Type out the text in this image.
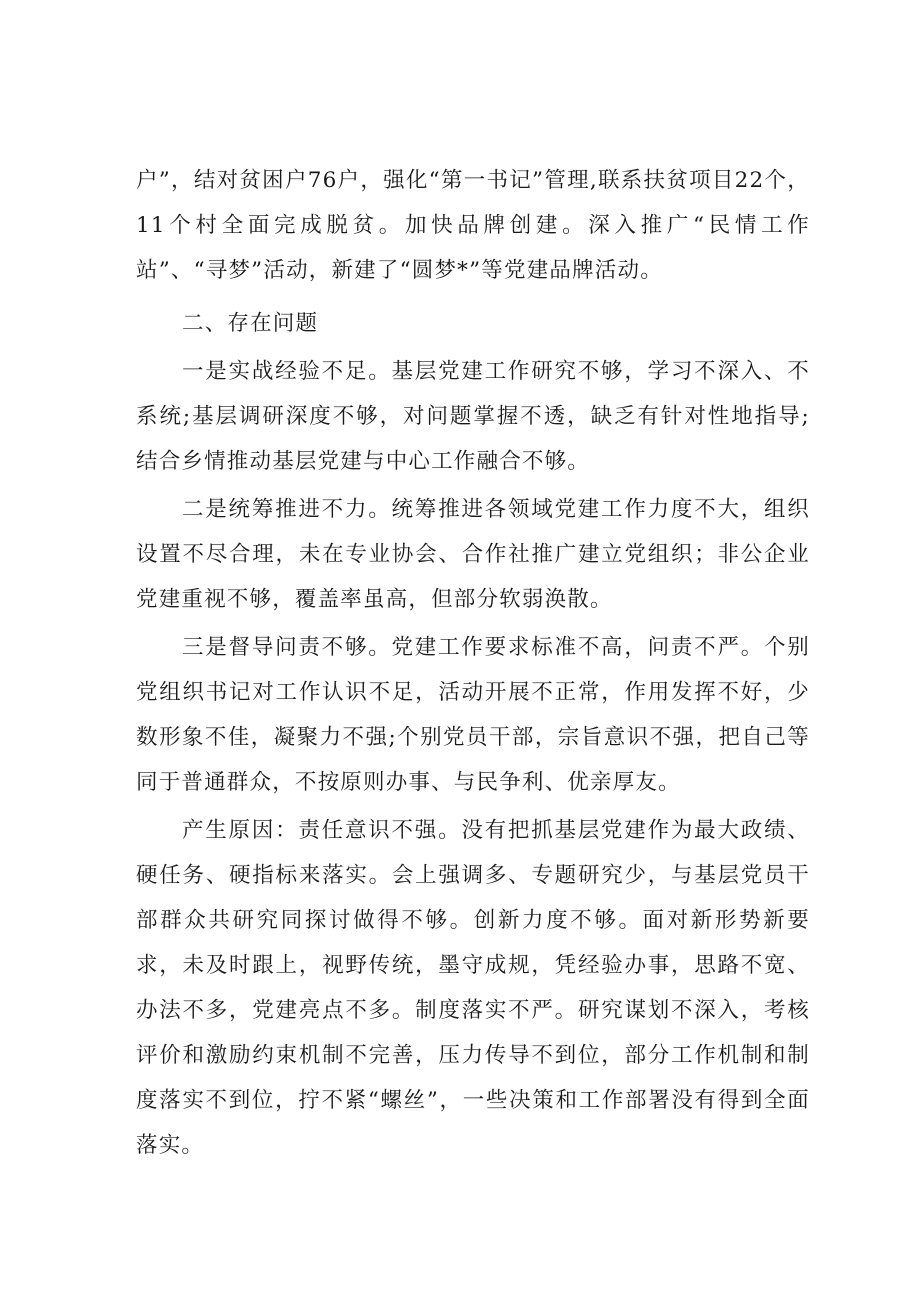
户”，结对贫困户76户，强化“第一书记”管理,联系扶贫项目22个，11个村全面完成脱贫。加快品牌创建。深入推广“民情工作站”、“寻梦”活动，新建了“圆梦*”等党建品牌活动。

二、存在问题

一是实战经验不足。基层党建工作研究不够，学习不深入、不系统;基层调研深度不够，对问题掌握不透，缺乏有针对性地指导;结合乡情推动基层党建与中心工作融合不够。

二是统筹推进不力。统筹推进各领域党建工作力度不大，组织设置不尽合理，未在专业协会、合作社推广建立党组织；非公企业党建重视不够，覆盖率虽高，但部分软弱涣散。

三是督导问责不够。党建工作要求标准不高，问责不严。个别党组织书记对工作认识不足，活动开展不正常，作用发挥不好，少数形象不佳，凝聚力不强;个别党员干部，宗旨意识不强，把自己等同于普通群众，不按原则办事、与民争利、优亲厚友。

产生原因：责任意识不强。没有把抓基层党建作为最大政绩、硬任务、硬指标来落实。会上强调多、专题研究少，与基层党员干部群众共研究同探讨做得不够。创新力度不够。面对新形势新要求，未及时跟上，视野传统，墨守成规，凭经验办事，思路不宽、办法不多，党建亮点不多。制度落实不严。研究谋划不深入，考核评价和激励约束机制不完善，压力传导不到位，部分工作机制和制度落实不到位，拧不紧“螺丝”，一些决策和工作部署没有得到全面落实。
